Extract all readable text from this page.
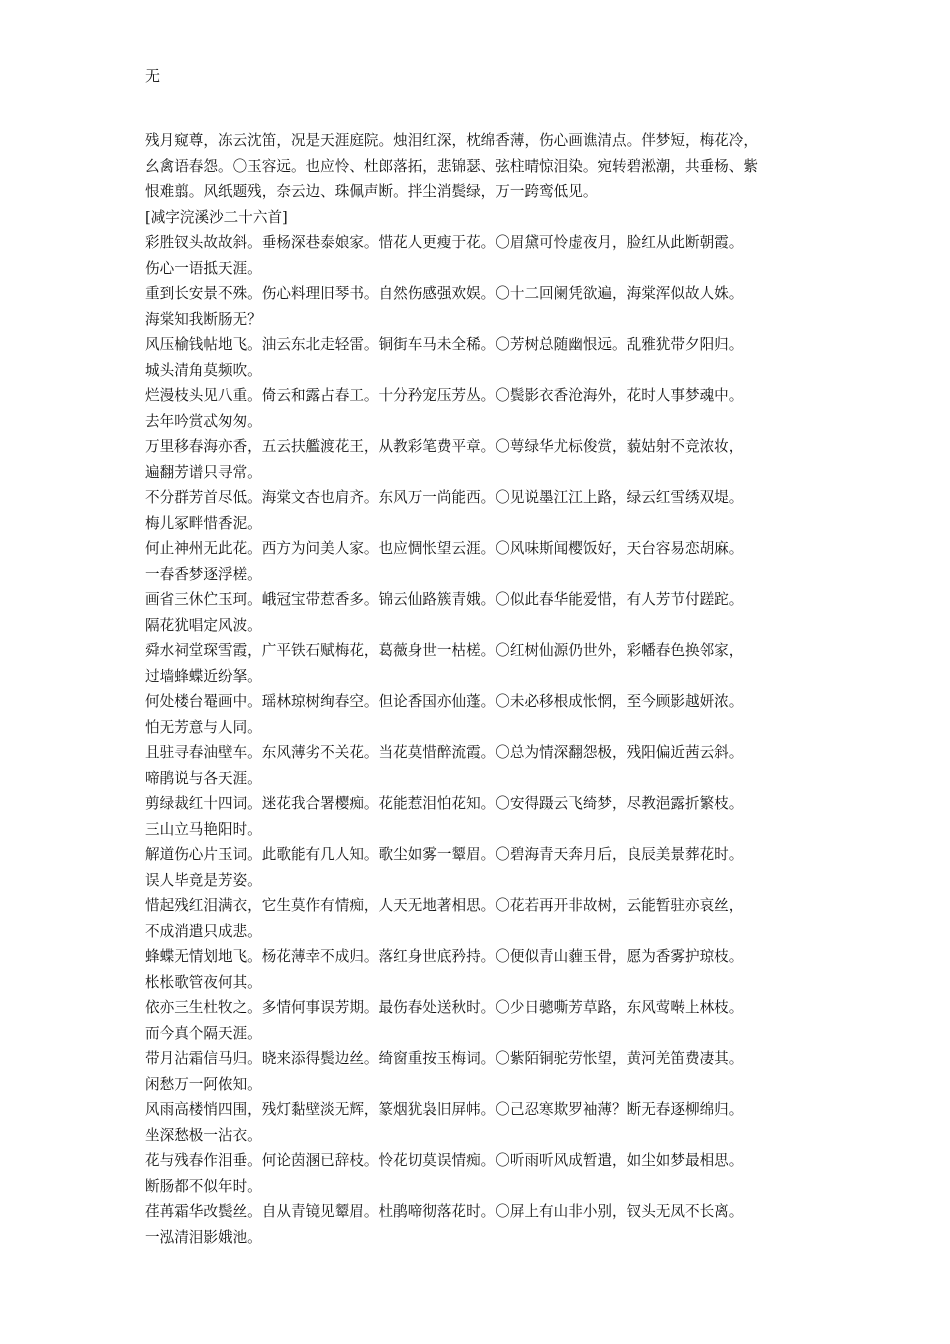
无
残月窥尊，冻云沈笛，况是天涯庭院。烛泪红深，枕绵香薄，伤心画谯清点。伴梦短，梅花冷，
幺禽语春怨。〇玉容远。也应怜、杜郎落拓，悲锦瑟、弦柱晴惊泪染。宛转碧淞潮，共垂杨、紫
恨难翦。风纸题残，奈云边、珠佩声断。拌尘消鬓绿，万一跨鸾低见。
[减字浣溪沙二十六首]
彩胜钗头故故斜。垂杨深巷泰娘家。惜花人更瘦于花。〇眉黛可怜虚夜月，脸红从此断朝霞。
伤心一语抵天涯。
重到长安景不殊。伤心料理旧琴书。自然伤感强欢娱。〇十二回阑凭欲遍，海棠浑似故人姝。
海棠知我断肠无？
风压榆钱帖地飞。油云东北走轻雷。铜街车马未全稀。〇芳树总随幽恨远。乱雅犹带夕阳归。
城头清角莫频吹。
烂漫枝头见八重。倚云和露占春工。十分矜宠压芳丛。〇鬓影衣香沧海外，花时人事梦魂中。
去年吟赏忒匆匆。
万里移春海亦香，五云扶艦渡花王，从教彩笔费平章。〇萼绿华尤标俊赏，藐姑射不竞浓妆，
遍翻芳谱只寻常。
不分群芳首尽低。海棠文杏也肩齐。东风万一尚能西。〇见说墨江江上路，绿云红雪绣双堤。
梅儿冢畔惜香泥。
何止神州无此花。西方为问美人家。也应惆怅望云涯。〇风味斯闻樱饭好，天台容易恋胡麻。
一春香梦逐浮槎。
画省三休伫玉珂。峨冠宝带惹香多。锦云仙路簇青娥。〇似此春华能爱惜，有人芳节付蹉跎。
隔花犹唱定风波。
舜水祠堂琛雪霞，广平铁石赋梅花，葛薇身世一枯槎。〇红树仙源仍世外，彩幡春色换邻家，
过墙蜂蝶近纷拏。
何处楼台罨画中。瑶林琼树绚春空。但论香国亦仙蓬。〇未必移根成怅惘，至今顾影越妍浓。
怕无芳意与人同。
且驻寻春油壁车。东风薄劣不关花。当花莫惜醉流霞。〇总为情深翻怨极，残阳偏近茜云斜。
啼鹃说与各天涯。
剪绿裁红十四词。迷花我合署樱痴。花能惹泪怕花知。〇安得蹑云飞绮梦，尽教浥露折繁枝。
三山立马艳阳时。
解道伤心片玉词。此歌能有几人知。歌尘如雾一颦眉。〇碧海青天奔月后，良辰美景葬花时。
误人毕竟是芳姿。
惜起残红泪满衣，它生莫作有情痴，人天无地著相思。〇花若再开非故树，云能暂驻亦哀丝，
不成消遣只成悲。
蜂蝶无情划地飞。杨花薄幸不成归。落红身世底矜持。〇便似青山薶玉骨，愿为香雾护琼枝。
枨枨歌管夜何其。
依亦三生杜牧之。多情何事误芳期。最伤春处送秋时。〇少日骢嘶芳草路，东风莺啭上林枝。
而今真个隔天涯。
带月沾霜信马归。晓来添得鬓边丝。绮窗重按玉梅词。〇紫陌铜驼劳怅望，黄河羌笛费凄其。
闲愁万一阿侬知。
风雨高楼悄四围，残灯黏壁淡无辉，篆烟犹袅旧屏帏。〇己忍寒欺罗袖薄？断无春逐柳绵归。
坐深愁极一沾衣。
花与残春作泪垂。何论茵溷已辞枝。怜花切莫误情痴。〇听雨听风成暂遣，如尘如梦最相思。
断肠都不似年时。
荏苒霜华改鬓丝。自从青镜见颦眉。杜鹃啼彻落花时。〇屏上有山非小别，钗头无凤不长离。
一泓清泪影娥池。
